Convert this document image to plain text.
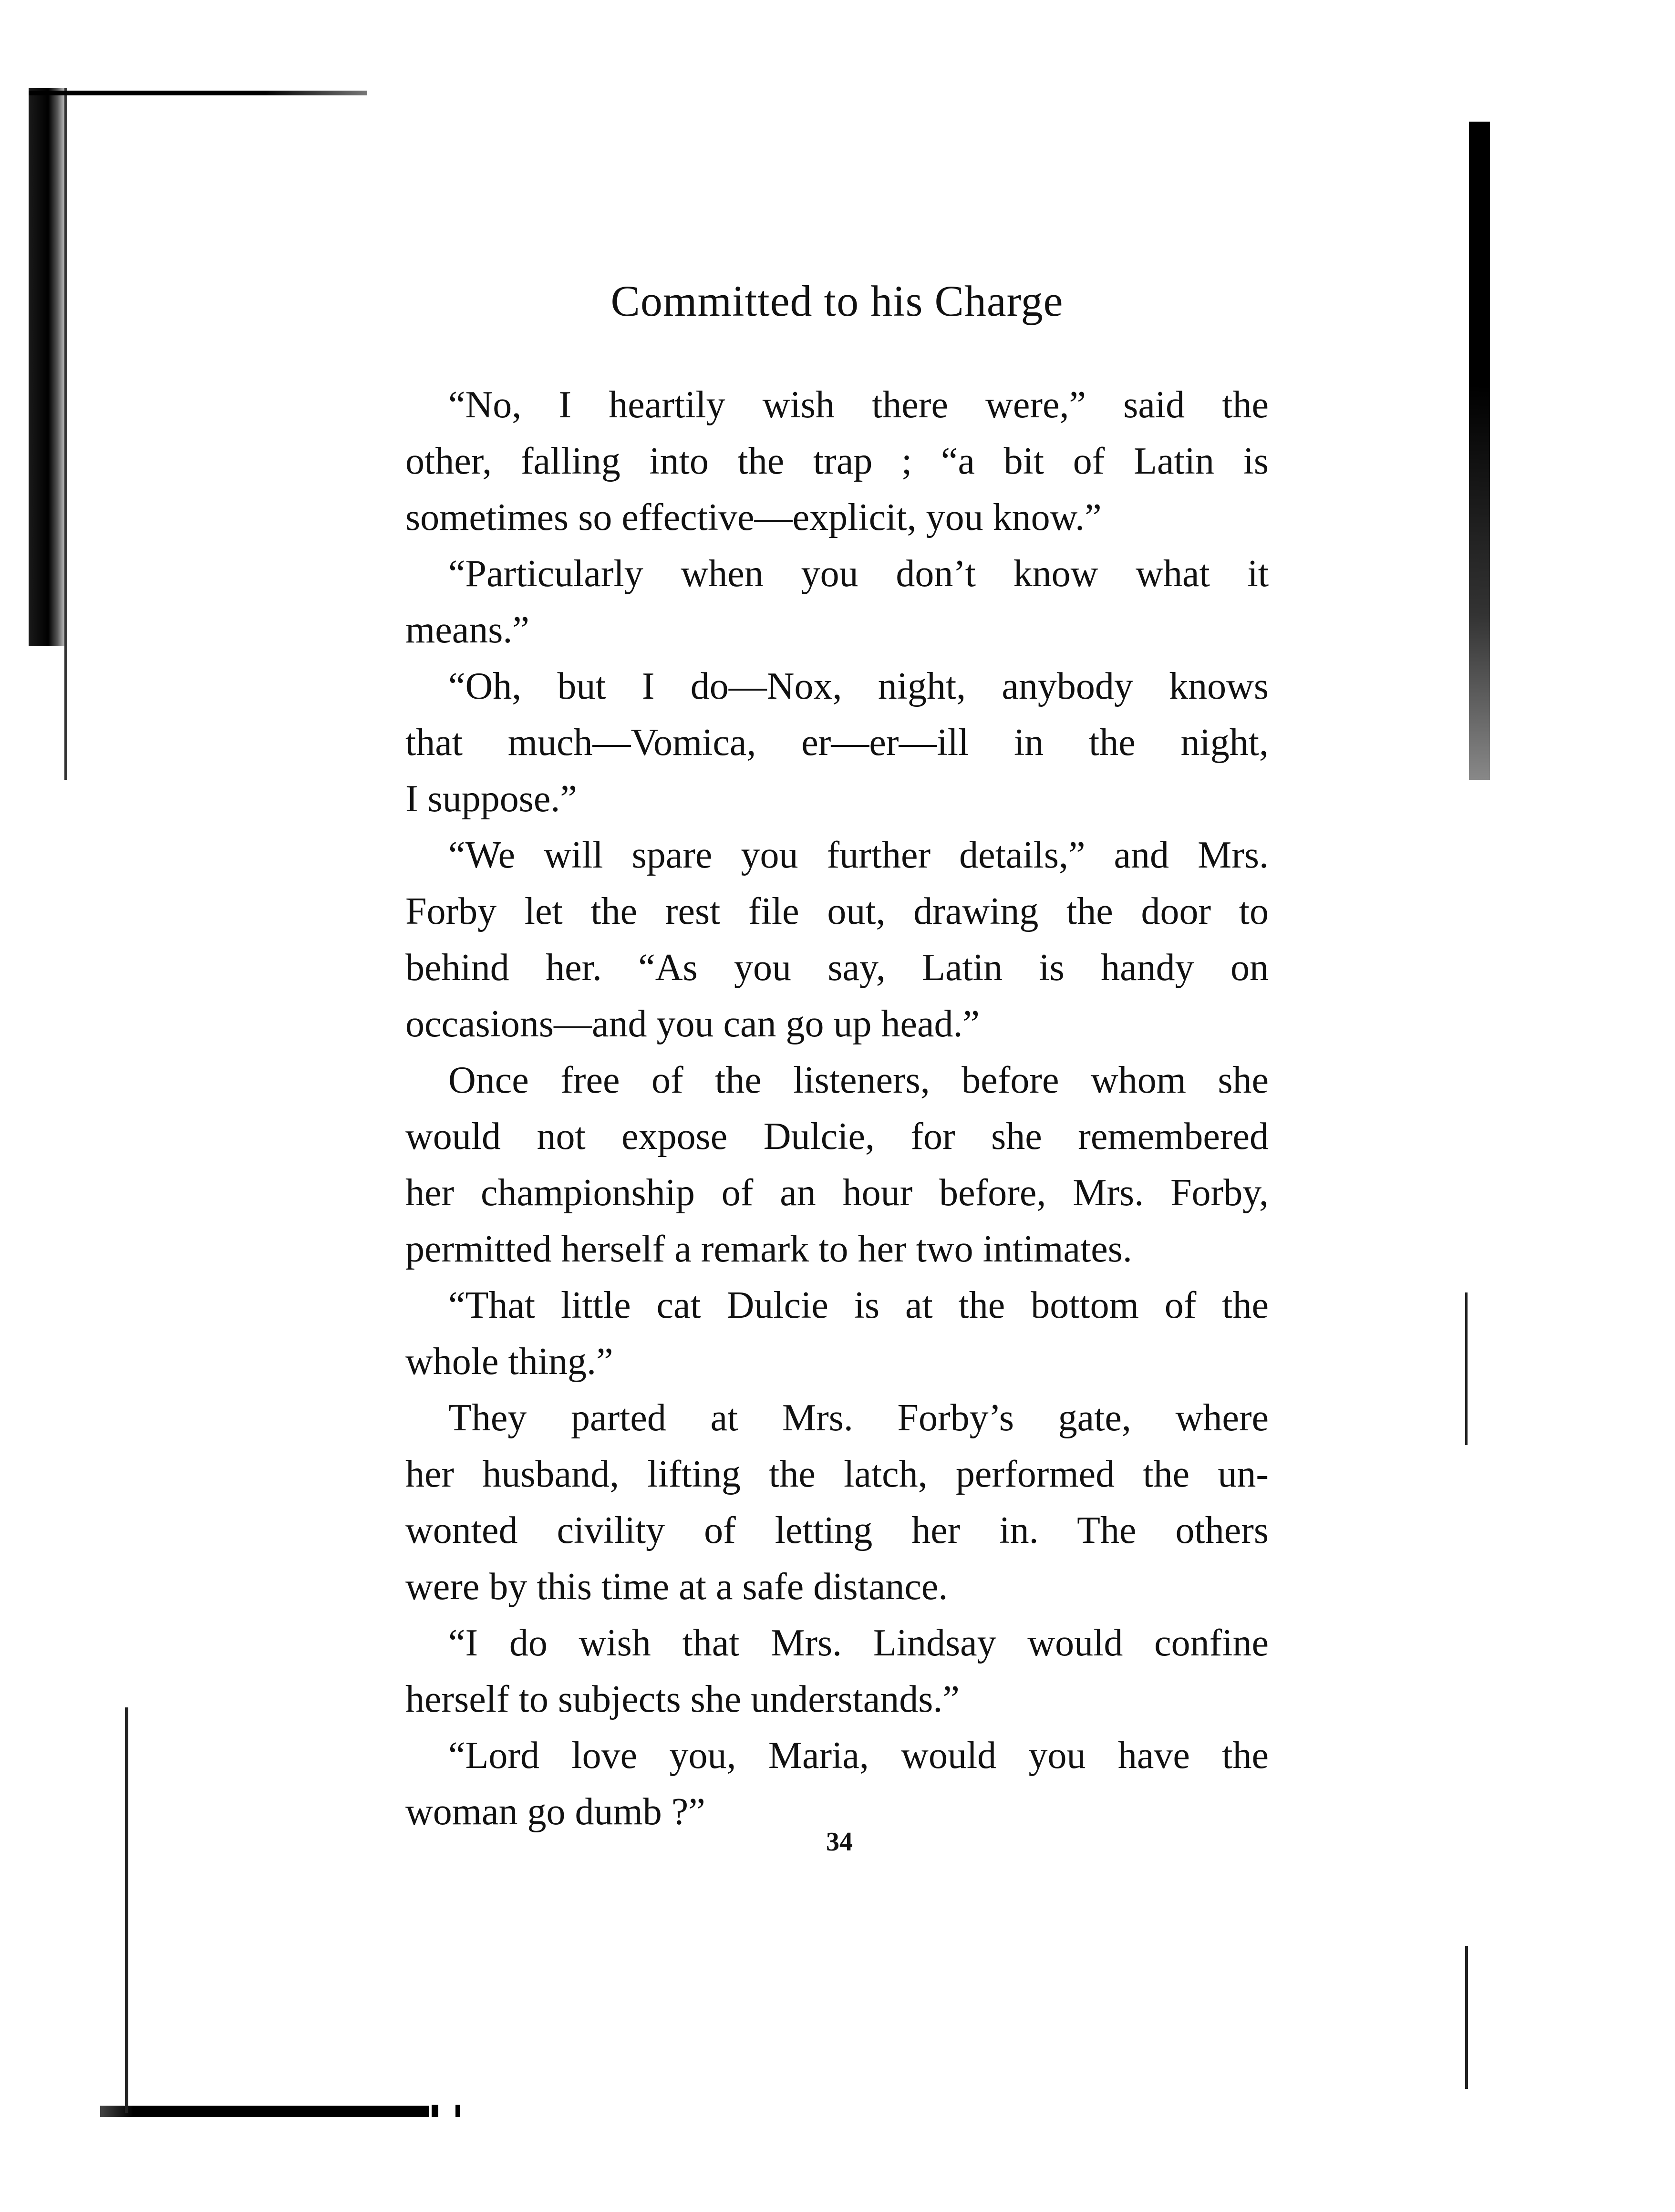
Committed to his Charge
“No, I heartily wish there were,” said the
other, falling into the trap ; “a bit of Latin is
sometimes so effective—explicit, you know.”
“Particularly when you don’t know what it
means.”
“Oh, but I do—Nox, night, anybody knows
that much—Vomica, er—er—ill in the night,
I suppose.”
“We will spare you further details,” and Mrs.
Forby let the rest file out, drawing the door to
behind her. “As you say, Latin is handy on
occasions—and you can go up head.”
Once free of the listeners, before whom she
would not expose Dulcie, for she remembered
her championship of an hour before, Mrs. Forby,
permitted herself a remark to her two intimates.
“That little cat Dulcie is at the bottom of the
whole thing.”
They parted at Mrs. Forby’s gate, where
her husband, lifting the latch, performed the un-
wonted civility of letting her in. The others
were by this time at a safe distance.
“I do wish that Mrs. Lindsay would confine
herself to subjects she understands.”
“Lord love you, Maria, would you have the
woman go dumb ?”
34
